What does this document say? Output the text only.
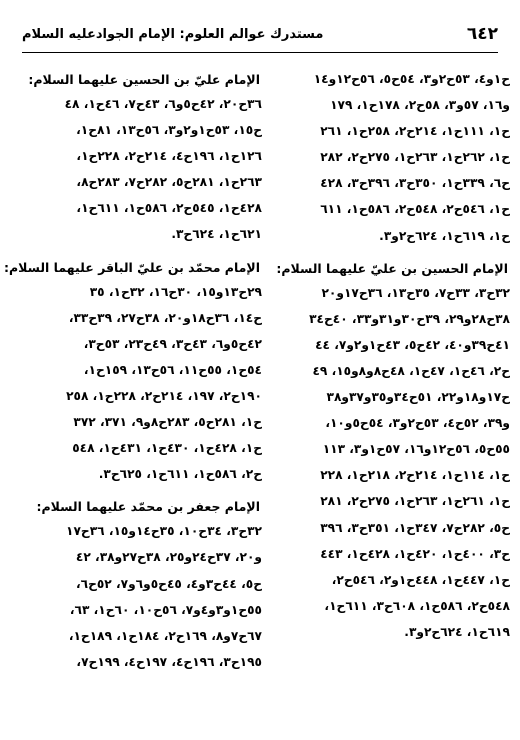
٦٤٢
مستدرك عوالم العلوم: الإمام الجوادعليه السلام
ح١و٤، ٥٣ح٢و٣، ٥٤ح٥، ٥٦ح١٢و١٤
و١٦، ٥٧و٣، ٥٨ح٢، ١٧٨ح١، ١٧٩
ح١، ١١١ح١، ٢١٤ح٢، ٢٥٨ح١، ٢٦١
ح١، ٢٦٢ح١، ٢٦٣ح١، ٢٧٥ح٢، ٢٨٢
ح٦، ٣٣٩ح١، ٣٥٠ح٣، ٣٩٦ح٣، ٤٢٨
ح١، ٥٤٦ح٢، ٥٤٨ح٢، ٥٨٦ح١، ٦١١
ح١، ٦١٩ح١، ٦٢٤ح٢و٣.
الإمام الحسين بن عليّ عليهما السلام:
٣٢ح٣، ٣٣ح٧، ٣٥ح١٣، ٣٦ح١٧و٢٠
٣٨ح٢٨و٢٩، ٣٩ح٣٠و٣١و٣٣، ٤٠ح٣٤
٤١ح٣٩و٤٠، ٤٢ح٥، ٤٣ح١و٢و٧، ٤٤
ح٢، ٤٦ح١، ٤٧ح١، ٤٨ح٨و٨و١٥، ٤٩
ح١٧و١٨و٢٢، ٥١ح٣٤و٣٥و٣٧و٣٨
و٣٩، ٥٢ح٤، ٥٣ح٢و٣، ٥٤ح٥و١٠،
٥٥ح٥، ٥٦ح١٢و١٦، ٥٧ح١و٣، ١١٣
ح١، ١١٤ح١، ٢١٤ح٢، ٢١٨ح١، ٢٢٨
ح١، ٢٦١ح١، ٢٦٣ح١، ٢٧٥ح٢، ٢٨١
ح٥، ٢٨٢ح٧، ٣٤٧ح١، ٣٥١ح٣، ٣٩٦
ح٣، ٤٠٠ح١، ٤٢٠ح١، ٤٢٨ح١، ٤٤٣
ح١، ٤٤٧ح١، ٤٤٨ح١و٢، ٥٤٦ح٢،
٥٤٨ح٢، ٥٨٦ح١، ٦٠٨ح٣، ٦١١ح١،
٦١٩ح١، ٦٢٤ح٢و٣.
الإمام عليّ بن الحسين عليهما السلام:
٣٦ح٢٠، ٤٢ح٥و٦، ٤٣ح٧، ٤٦ح١، ٤٨
ح١٥، ٥٣ح١و٢و٣، ٥٦ح١٣، ٨١ح١،
١٢٦ح١، ١٩٦ح٤، ٢١٤ح٢، ٢٢٨ح١،
٢٦٣ح١، ٢٨١ح٥، ٢٨٢ح٧، ٢٨٣ح٨،
٤٢٨ح١، ٥٤٥ح٢، ٥٨٦ح١، ٦١١ح١،
٦٢١ح١، ٦٢٤ح٣.
الإمام محمّد بن عليّ الباقر عليهما السلام:
٢٩ح١٣و١٥، ٣٠ح١٦، ٣٢ح١، ٣٥
ح١٤، ٣٦ح١٨و٢٠، ٣٨ح٢٧، ٣٩ح٣٣،
٤٢ح٥و٦، ٤٣ح٣، ٤٩ح٢٣، ٥٣ح٣،
٥٤ح١، ٥٥ح١١، ٥٦ح١٣، ١٥٩ح١،
١٩٠ح٢، ١٩٧، ٢١٤ح٢، ٢٢٨ح١، ٢٥٨
ح١، ٢٨١ح٥، ٢٨٣ح٨و٩، ٣٧١، ٣٧٢
ح١، ٤٢٨ح١، ٤٣٠ح١، ٤٣١ح١، ٥٤٨
ح٢، ٥٨٦ح١، ٦١١ح١، ٦٢٥ح٣.
الإمام جعفر بن محمّد عليهما السلام:
٣٢ح٣، ٣٤ح١٠، ٣٥ح١٤و١٥، ٣٦ح١٧
و٢٠، ٣٧ح٢٤و٢٥، ٣٨ح٢٧و٣٨، ٤٢
ح٥، ٤٤ح٣و٤، ٤٥ح٥و٦و٧، ٥٢ح٦،
٥٥ح١و٣و٤و٧، ٥٦ح١٠، ٦٠ح١، ٦٣،
٦٧ح٧و٨، ١٦٩ح٢، ١٨٤ح١، ١٨٩ح١،
١٩٥ح٣، ١٩٦ح٤، ١٩٧ح٤، ١٩٩ح٧،
